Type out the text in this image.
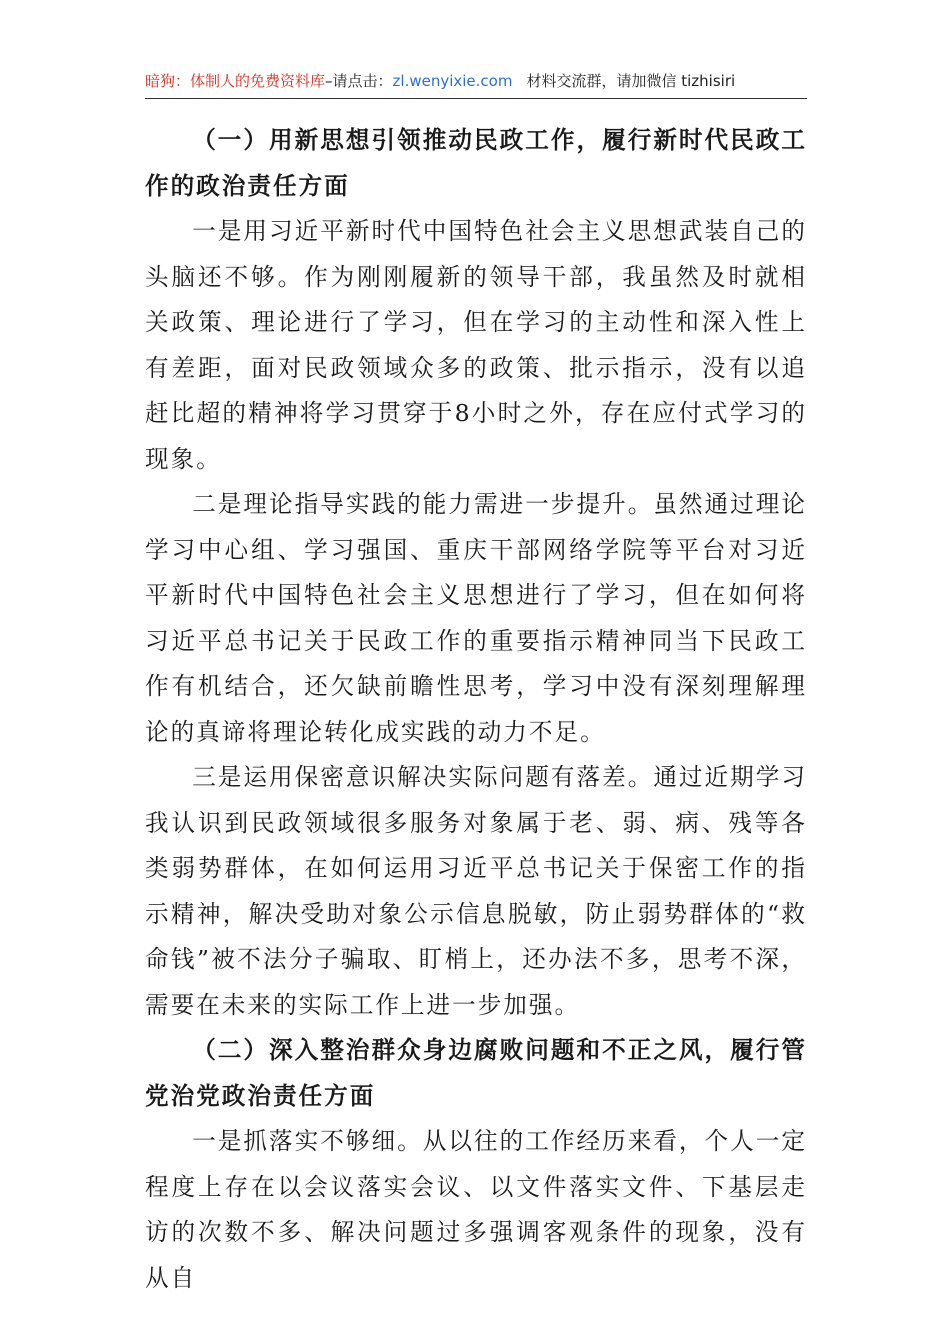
暗狗：体制人的免费资料库–请点击：zl.wenyixie.com 材料交流群，请加微信 tizhisiri

（一）用新思想引领推动民政工作，履行新时代民政工作的政治责任方面

一是用习近平新时代中国特色社会主义思想武装自己的头脑还不够。作为刚刚履新的领导干部，我虽然及时就相关政策、理论进行了学习，但在学习的主动性和深入性上有差距，面对民政领域众多的政策、批示指示，没有以追赶比超的精神将学习贯穿于8小时之外，存在应付式学习的现象。

二是理论指导实践的能力需进一步提升。虽然通过理论学习中心组、学习强国、重庆干部网络学院等平台对习近平新时代中国特色社会主义思想进行了学习，但在如何将习近平总书记关于民政工作的重要指示精神同当下民政工作有机结合，还欠缺前瞻性思考，学习中没有深刻理解理论的真谛将理论转化成实践的动力不足。

三是运用保密意识解决实际问题有落差。通过近期学习我认识到民政领域很多服务对象属于老、弱、病、残等各类弱势群体，在如何运用习近平总书记关于保密工作的指示精神，解决受助对象公示信息脱敏，防止弱势群体的“救命钱”被不法分子骗取、盯梢上，还办法不多，思考不深，需要在未来的实际工作上进一步加强。

（二）深入整治群众身边腐败问题和不正之风，履行管党治党政治责任方面

一是抓落实不够细。从以往的工作经历来看，个人一定程度上存在以会议落实会议、以文件落实文件、下基层走访的次数不多、解决问题过多强调客观条件的现象，没有从自
